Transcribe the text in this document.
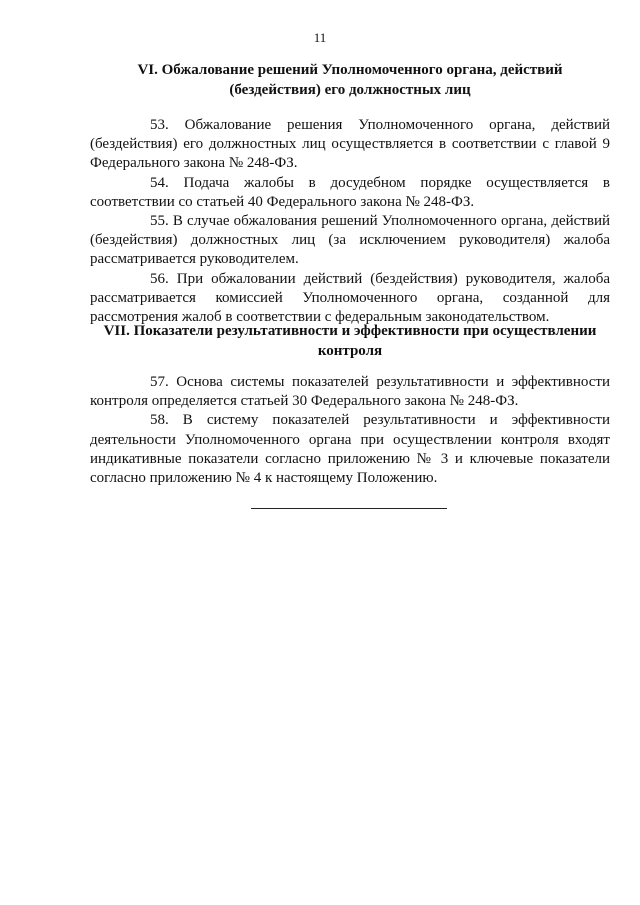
11
VI. Обжалование решений Уполномоченного органа, действий
(бездействия) его должностных лиц

53. Обжалование решения Уполномоченного органа, действий (бездействия) его должностных лиц осуществляется в соответствии с главой 9 Федерального закона № 248-ФЗ.

54. Подача жалобы в досудебном порядке осуществляется в соответствии со статьей 40 Федерального закона № 248-ФЗ.

55. В случае обжалования решений Уполномоченного органа, действий (бездействия) должностных лиц (за исключением руководителя) жалоба рассматривается руководителем.

56. При обжаловании действий (бездействия) руководителя, жалоба рассматривается комиссией Уполномоченного органа, созданной для рассмотрения жалоб в соответствии с федеральным законодательством.

VII. Показатели результативности и эффективности при осуществлении
контроля

57. Основа системы показателей результативности и эффективности контроля определяется статьей 30 Федерального закона № 248-ФЗ.

58. В систему показателей результативности и эффективности деятельности Уполномоченного органа при осуществлении контроля входят индикативные показатели согласно приложению № 3 и ключевые показатели согласно приложению № 4 к настоящему Положению.
